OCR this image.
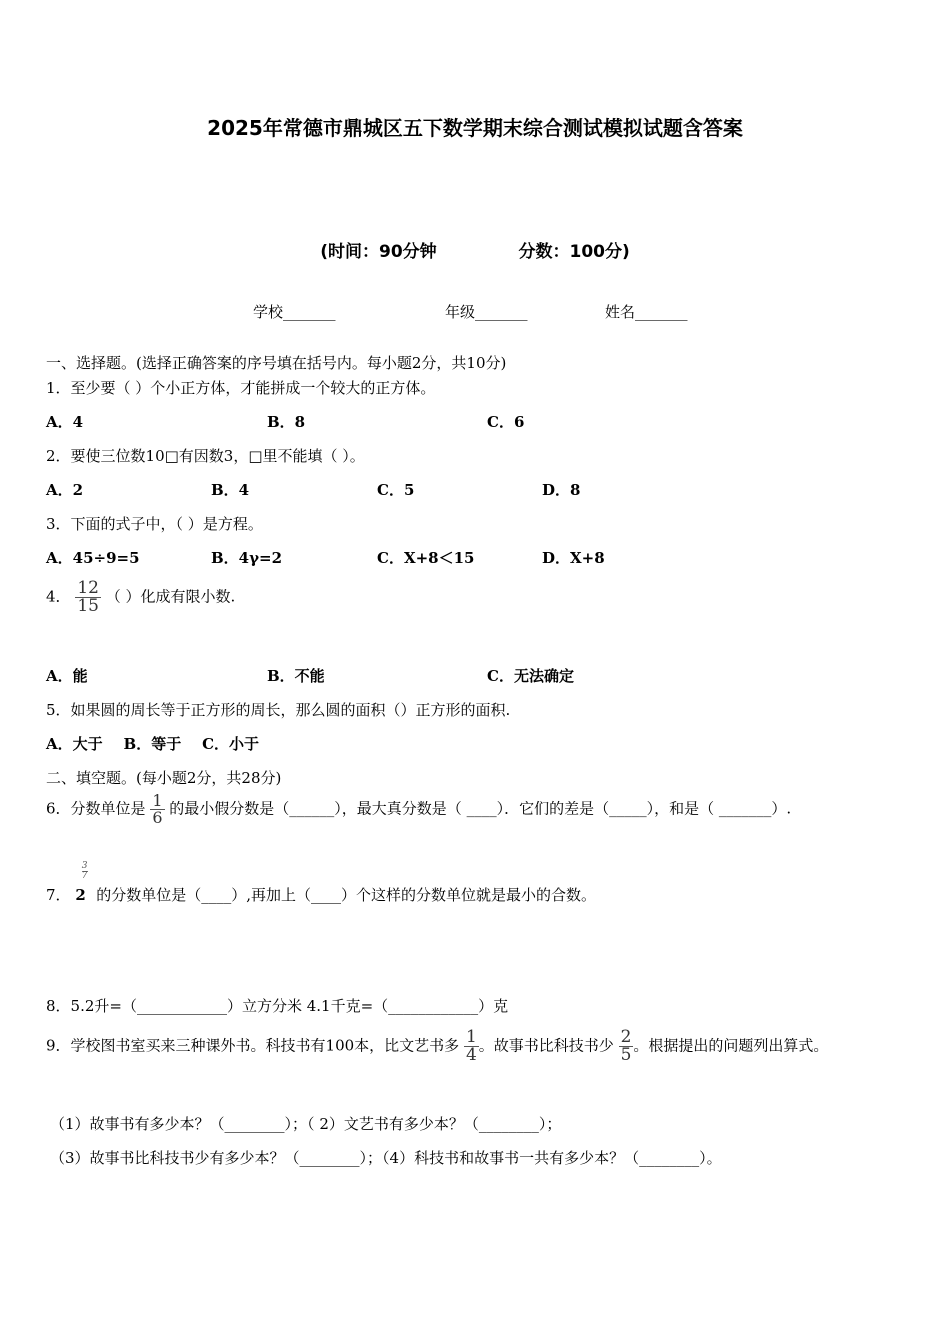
2025年常德市鼎城区五下数学期末综合测试模拟试题含答案
(时间：90分钟	分数：100分)
学校_______	年级_______	姓名_______
一、选择题。(选择正确答案的序号填在括号内。每小题2分，共10分)
1．至少要（ ）个小正方体，才能拼成一个较大的正方体。
A．4	B．8	C．6
2．要使三位数10□有因数3，□里不能填（ ）。
A．2	B．4	C．5	D．8
3．下面的式子中，（ ）是方程。
A．45÷9=5	B．4γ=2	C．X+8＜15	D．X+8
4． $\frac{12}{15}$ （ ）化成有限小数.
A．能	B．不能	C．无法确定
5．如果圆的周长等于正方形的周长，那么圆的面积（）正方形的面积.
A．大于    B．等于    C．小于
二、填空题。(每小题2分，共28分)
6．分数单位是 $\frac{1}{6}$ 的最小假分数是（______），最大真分数是（ ____）．它们的差是（_____），和是（ _______）.
7． 2
$\frac{3}{7}$
的分数单位是（____）,再加上（____）个这样的分数单位就是最小的合数。
8．5.2升=（____________）立方分米 4.1千克=（____________）克
9．学校图书室买来三种课外书。科技书有100本，比文艺书多 $\frac{1}{4}$ 。故事书比科技书少 $\frac{2}{5}$ 。根据提出的问题列出算式。
（1）故事书有多少本？（________）；（ 2）文艺书有多少本？（________）；
（3）故事书比科技书少有多少本？（________）；（4）科技书和故事书一共有多少本？（________）。
